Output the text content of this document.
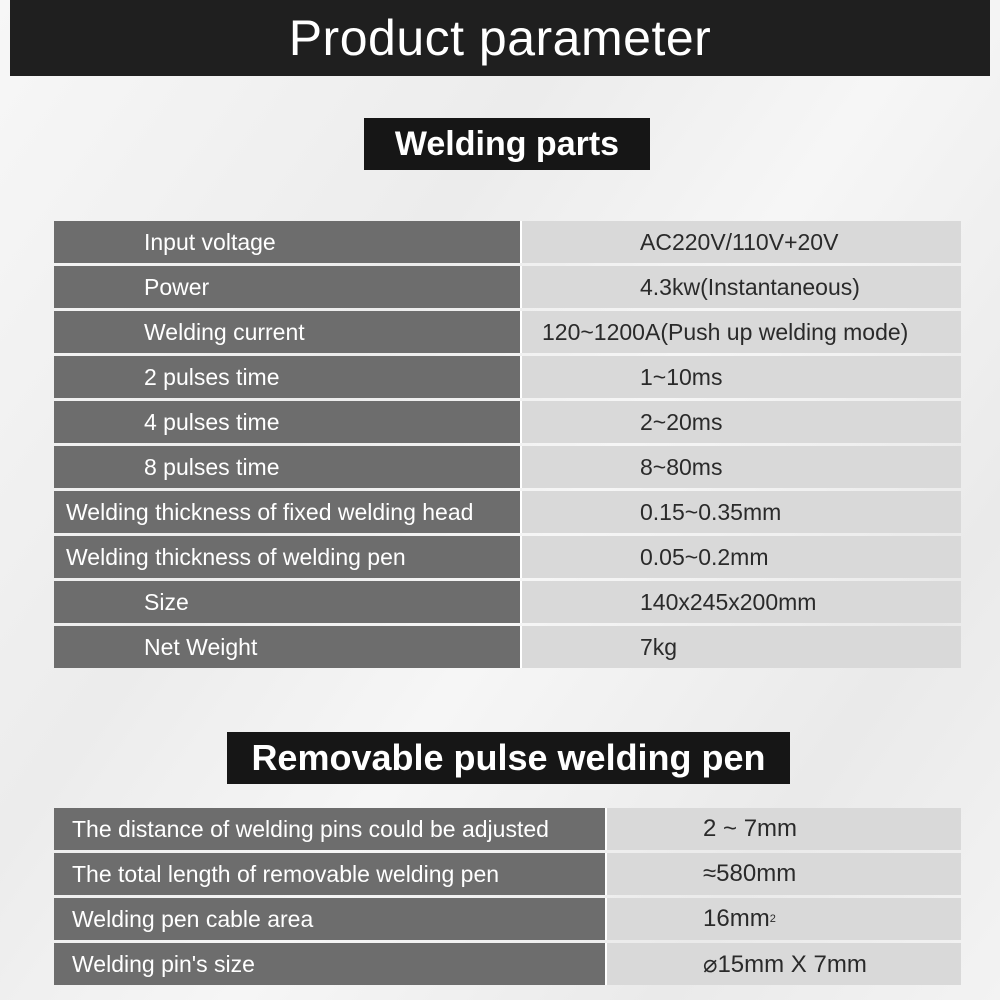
Product parameter
Welding parts
Input voltage	AC220V/110V+20V
Power	4.3kw(Instantaneous)
Welding current	120~1200A(Push up welding mode)
2 pulses time	1~10ms
4 pulses time	2~20ms
8 pulses time	8~80ms
Welding thickness of fixed welding head	0.15~0.35mm
Welding thickness of welding pen	0.05~0.2mm
Size	140x245x200mm
Net Weight	7kg
Removable pulse welding pen
The distance of welding pins could be adjusted	2 ~ 7mm
The total length of removable welding pen	≈580mm
Welding pen cable area	16mm 2
Welding pin's size	⌀15mm X 7mm
